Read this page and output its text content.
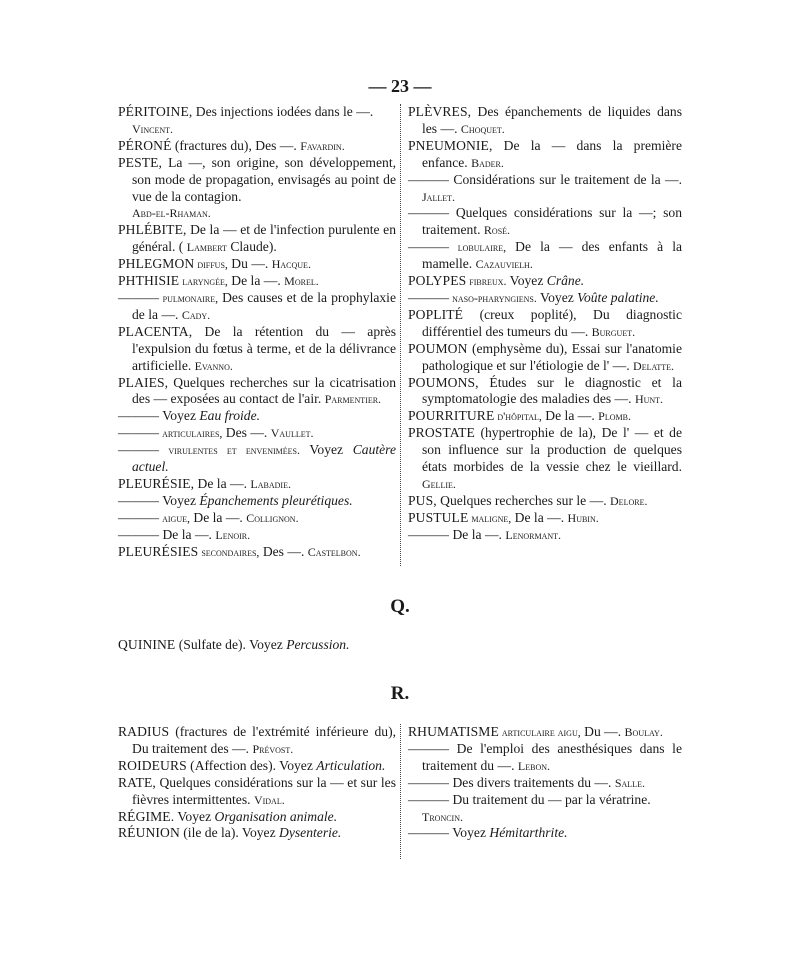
— 23 —

PÉRITOINE, Des injections iodées dans le —.
Vincent.

PÉRONÉ (fractures du), Des —. Favardin.

PESTE, La —, son origine, son développement, son mode de propagation, envisagés au point de vue de la contagion.
Abd-el-Rhaman.

PHLÉBITE, De la — et de l'infection purulente en général. ( Lambert Claude).

PHLEGMON diffus, Du —. Hacque.

PHTHISIE laryngée, De la —. Morel.

——— pulmonaire, Des causes et de la prophylaxie de la —. Cady.

PLACENTA, De la rétention du — après l'expulsion du fœtus à terme, et de la délivrance artificielle. Evanno.

PLAIES, Quelques recherches sur la cicatrisation des — exposées au contact de l'air. Parmentier.

——— Voyez Eau froide.

——— articulaires, Des —. Vaullet.

——— virulentes et envenimées. Voyez Cautère actuel.

PLEURÉSIE, De la —. Labadie.

——— Voyez Épanchements pleurétiques.

——— aigue, De la —. Collignon.

——— De la —. Lenoir.

PLEURÉSIES secondaires, Des —. Castelbon.

PLÈVRES, Des épanchements de liquides dans les —. Choquet.

PNEUMONIE, De la — dans la première enfance. Bader.

——— Considérations sur le traitement de la —. Jallet.

——— Quelques considérations sur la —; son traitement. Rosé.

——— lobulaire, De la — des enfants à la mamelle. Cazauvielh.

POLYPES fibreux. Voyez Crâne.

——— naso-pharyngiens. Voyez Voûte palatine.

POPLITÉ (creux poplité), Du diagnostic différentiel des tumeurs du —. Burguet.

POUMON (emphysème du), Essai sur l'anatomie pathologique et sur l'étiologie de l' —. Delatte.

POUMONS, Études sur le diagnostic et la symptomatologie des maladies des —. Hunt.

POURRITURE d'hôpital, De la —. Plomb.

PROSTATE (hypertrophie de la), De l' — et de son influence sur la production de quelques états morbides de la vessie chez le vieillard. Gellie.

PUS, Quelques recherches sur le —. Delore.

PUSTULE maligne, De la —. Hubin.

——— De la —. Lenormant.

Q.
QUININE (Sulfate de). Voyez Percussion.
R.

RADIUS (fractures de l'extrémité inférieure du), Du traitement des —. Prévost.

ROIDEURS (Affection des). Voyez Articulation.

RATE, Quelques considérations sur la — et sur les fièvres intermittentes. Vidal.

RÉGIME. Voyez Organisation animale.

RÉUNION (ile de la). Voyez Dysenterie.

RHUMATISME articulaire aigu, Du —. Boulay.

——— De l'emploi des anesthésiques dans le traitement du —. Lebon.

——— Des divers traitements du —. Salle.

——— Du traitement du — par la vératrine.
Troncin.

——— Voyez Hémitarthrite.
